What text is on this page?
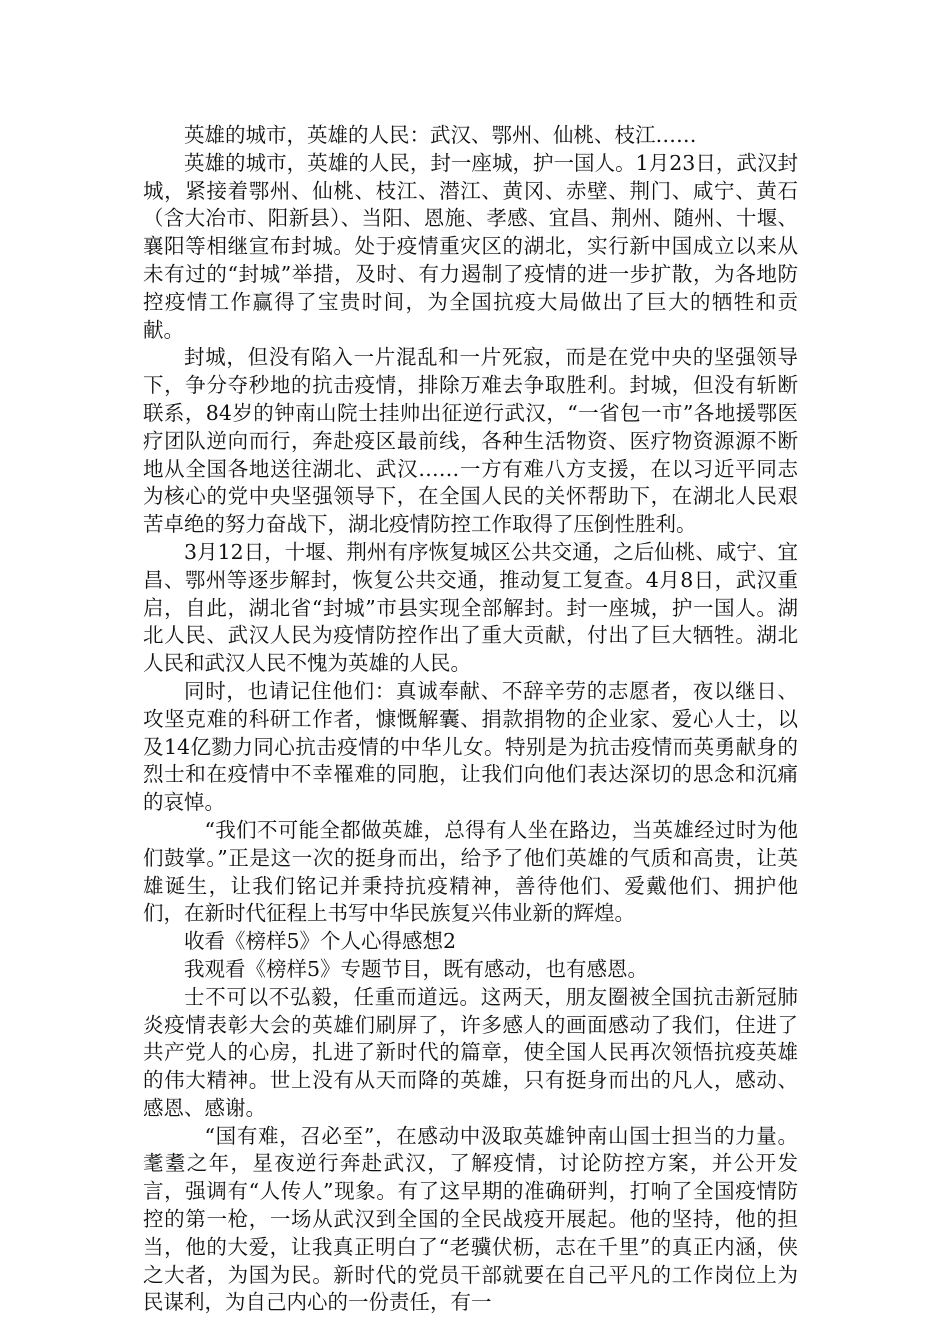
英雄的城市，英雄的人民：武汉、鄂州、仙桃、枝江……

英雄的城市，英雄的人民，封一座城，护一国人。1月23日，武汉封城，紧接着鄂州、仙桃、枝江、潜江、黄冈、赤壁、荆门、咸宁、黄石（含大冶市、阳新县）、当阳、恩施、孝感、宜昌、荆州、随州、十堰、襄阳等相继宣布封城。处于疫情重灾区的湖北，实行新中国成立以来从未有过的“封城”举措，及时、有力遏制了疫情的进一步扩散，为各地防控疫情工作赢得了宝贵时间，为全国抗疫大局做出了巨大的牺牲和贡献。

封城，但没有陷入一片混乱和一片死寂，而是在党中央的坚强领导下，争分夺秒地的抗击疫情，排除万难去争取胜利。封城，但没有斩断联系，84岁的钟南山院士挂帅出征逆行武汉，“一省包一市”各地援鄂医疗团队逆向而行，奔赴疫区最前线，各种生活物资、医疗物资源源不断地从全国各地送往湖北、武汉……一方有难八方支援，在以习近平同志为核心的党中央坚强领导下，在全国人民的关怀帮助下，在湖北人民艰苦卓绝的努力奋战下，湖北疫情防控工作取得了压倒性胜利。

3月12日，十堰、荆州有序恢复城区公共交通，之后仙桃、咸宁、宜昌、鄂州等逐步解封，恢复公共交通，推动复工复查。4月8日，武汉重启，自此，湖北省“封城”市县实现全部解封。封一座城，护一国人。湖北人民、武汉人民为疫情防控作出了重大贡献，付出了巨大牺牲。湖北人民和武汉人民不愧为英雄的人民。

同时，也请记住他们：真诚奉献、不辞辛劳的志愿者，夜以继日、攻坚克难的科研工作者，慷慨解囊、捐款捐物的企业家、爱心人士，以及14亿勠力同心抗击疫情的中华儿女。特别是为抗击疫情而英勇献身的烈士和在疫情中不幸罹难的同胞，让我们向他们表达深切的思念和沉痛的哀悼。

“我们不可能全都做英雄，总得有人坐在路边，当英雄经过时为他们鼓掌。”正是这一次的挺身而出，给予了他们英雄的气质和高贵，让英雄诞生，让我们铭记并秉持抗疫精神，善待他们、爱戴他们、拥护他们，在新时代征程上书写中华民族复兴伟业新的辉煌。

收看《榜样5》个人心得感想2

我观看《榜样5》专题节目，既有感动，也有感恩。

士不可以不弘毅，任重而道远。这两天，朋友圈被全国抗击新冠肺炎疫情表彰大会的英雄们刷屏了，许多感人的画面感动了我们，住进了共产党人的心房，扎进了新时代的篇章，使全国人民再次领悟抗疫英雄的伟大精神。世上没有从天而降的英雄，只有挺身而出的凡人，感动、感恩、感谢。

“国有难，召必至”，在感动中汲取英雄钟南山国士担当的力量。耄耋之年，星夜逆行奔赴武汉，了解疫情，讨论防控方案，并公开发言，强调有“人传人”现象。有了这早期的准确研判，打响了全国疫情防控的第一枪，一场从武汉到全国的全民战疫开展起。他的坚持，他的担当，他的大爱，让我真正明白了“老骥伏枥，志在千里”的真正内涵，侠之大者，为国为民。新时代的党员干部就要在自己平凡的工作岗位上为民谋利，为自己内心的一份责任，有一
